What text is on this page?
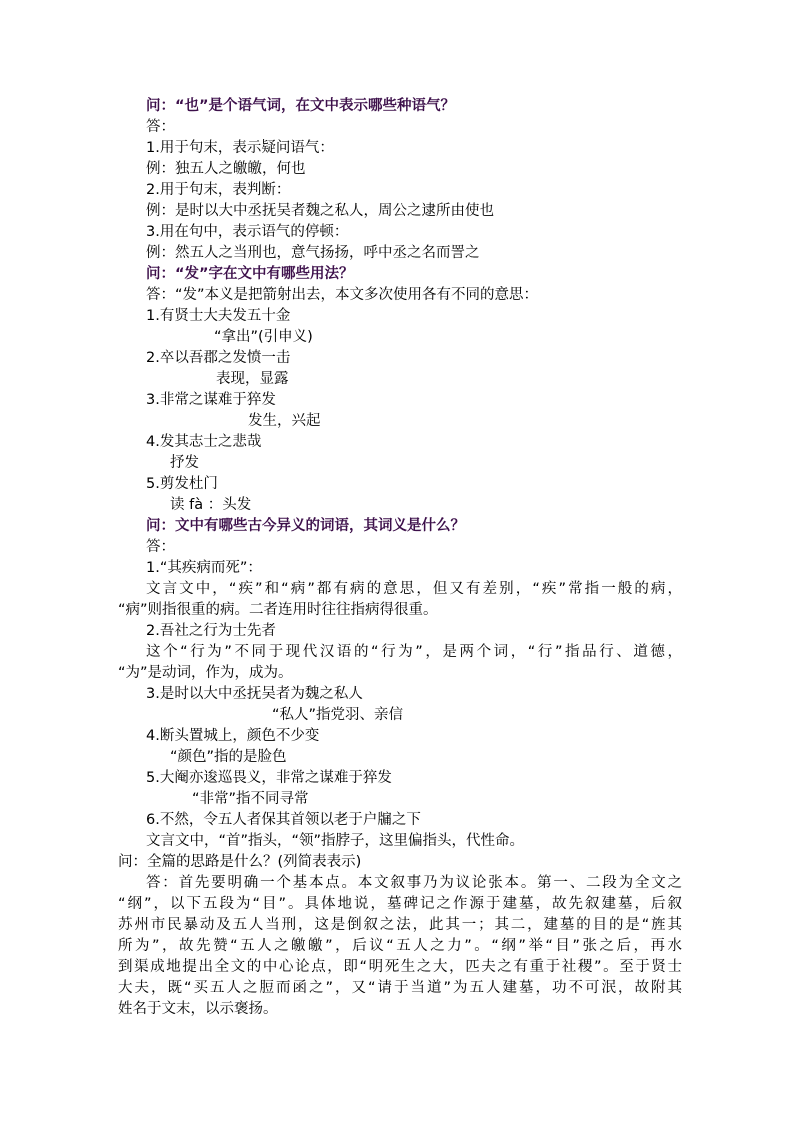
问：“也”是个语气词，在文中表示哪些种语气？
答：
1.用于句末，表示疑问语气：
例：独五人之皦皦，何也
2.用于句末，表判断：
例：是时以大中丞抚吴者魏之私人，周公之逮所由使也
3.用在句中，表示语气的停顿：
例：然五人之当刑也，意气扬扬，呼中丞之名而詈之
问：“发”字在文中有哪些用法？
答：“发”本义是把箭射出去，本文多次使用各有不同的意思：
1.有贤士大夫发五十金
“拿出”(引申义)
2.卒以吾郡之发愤一击
表现，显露
3.非常之谋难于猝发
发生，兴起
4.发其志士之悲哉
抒发
5.剪发杜门
读 fà ：头发
问：文中有哪些古今异义的词语，其词义是什么？
答：
1.“其疾病而死”：
文言文中，“疾”和“病”都有病的意思，但又有差别，“疾”常指一般的病，
“病”则指很重的病。二者连用时往往指病得很重。
2.吾社之行为士先者
这个“行为”不同于现代汉语的“行为”，是两个词，“行”指品行、道德，
“为”是动词，作为，成为。
3.是时以大中丞抚吴者为魏之私人
“私人”指党羽、亲信
4.断头置城上，颜色不少变
“颜色”指的是脸色
5.大阉亦逡巡畏义，非常之谋难于猝发
“非常”指不同寻常
6.不然，令五人者保其首领以老于户牖之下
文言文中，“首”指头，“领”指脖子，这里偏指头，代性命。
问：全篇的思路是什么？(列简表表示)
答：首先要明确一个基本点。本文叙事乃为议论张本。第一、二段为全文之
“纲”，以下五段为“目”。具体地说，墓碑记之作源于建墓，故先叙建墓，后叙
苏州市民暴动及五人当刑，这是倒叙之法，此其一；其二，建墓的目的是“旌其
所为”，故先赞“五人之皦皦”，后议“五人之力”。“纲”举“目”张之后，再水
到渠成地提出全文的中心论点，即“明死生之大，匹夫之有重于社稷”。至于贤士
大夫，既“买五人之脰而函之”，又“请于当道”为五人建墓，功不可泯，故附其
姓名于文末，以示褒扬。
